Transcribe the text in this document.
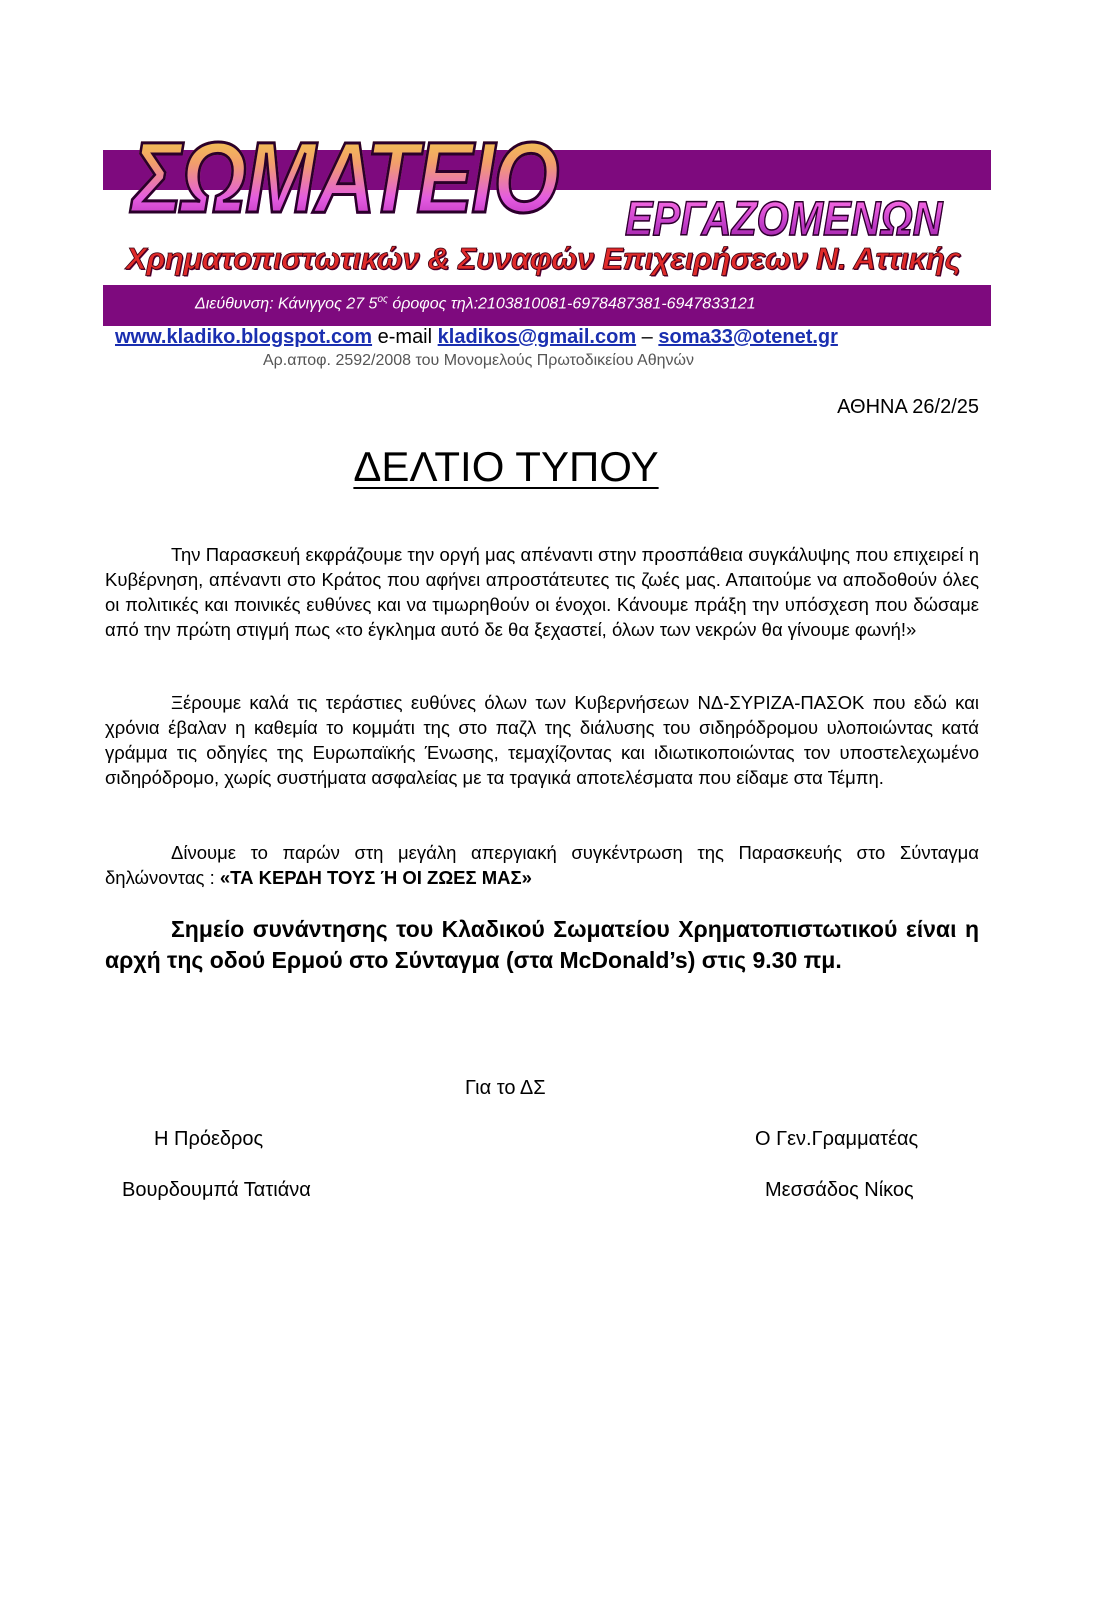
ΣΩΜΑΤΕΙΟ ΕΡΓΑΖΟΜΕΝΩΝ
Χρηματοπιστωτικών & Συναφών Επιχειρήσεων Ν. Αττικής
Διεύθυνση: Κάνιγγος 27 $5^{o\varsigma}$ όροφος τηλ:2103810081-6978487381-6947833121
www.kladiko.blogspot.com e-mail kladikos@gmail.com – soma33@otenet.gr
Αρ.αποφ. 2592/2008 του Μονομελούς Πρωτοδικείου Αθηνών
ΑΘΗΝΑ 26/2/25
ΔΕΛΤΙΟ ΤΥΠΟΥ
Την Παρασκευή εκφράζουμε την οργή μας απέναντι στην προσπάθεια συγκάλυψης που επιχειρεί η Κυβέρνηση, απέναντι στο Κράτος που αφήνει απροστάτευτες τις ζωές μας. Απαιτούμε να αποδοθούν όλες οι πολιτικές και ποινικές ευθύνες και να τιμωρηθούν οι ένοχοι. Κάνουμε πράξη την υπόσχεση που δώσαμε από την πρώτη στιγμή πως «το έγκλημα αυτό δε θα ξεχαστεί, όλων των νεκρών θα γίνουμε φωνή!»
Ξέρουμε καλά τις τεράστιες ευθύνες όλων των Κυβερνήσεων ΝΔ-ΣΥΡΙΖΑ-ΠΑΣΟΚ που εδώ και χρόνια έβαλαν η καθεμία το κομμάτι της στο παζλ της διάλυσης του σιδηρόδρομου υλοποιώντας κατά γράμμα τις οδηγίες της Ευρωπαϊκής Ένωσης, τεμαχίζοντας και ιδιωτικοποιώντας τον υποστελεχωμένο σιδηρόδρομο, χωρίς συστήματα ασφαλείας με τα τραγικά αποτελέσματα που είδαμε στα Τέμπη.
Δίνουμε το παρών στη μεγάλη απεργιακή συγκέντρωση της Παρασκευής στο Σύνταγμα δηλώνοντας : «ΤΑ ΚΕΡΔΗ ΤΟΥΣ Ή ΟΙ ΖΩΕΣ ΜΑΣ»
Σημείο συνάντησης του Κλαδικού Σωματείου Χρηματοπιστωτικού είναι η αρχή της οδού Ερμού στο Σύνταγμα (στα McDonald’s) στις 9.30 πμ.
Για το ΔΣ
Η Πρόεδρος	Ο Γεν.Γραμματέας
Βουρδουμπά Τατιάνα	Μεσσάδος Νίκος
